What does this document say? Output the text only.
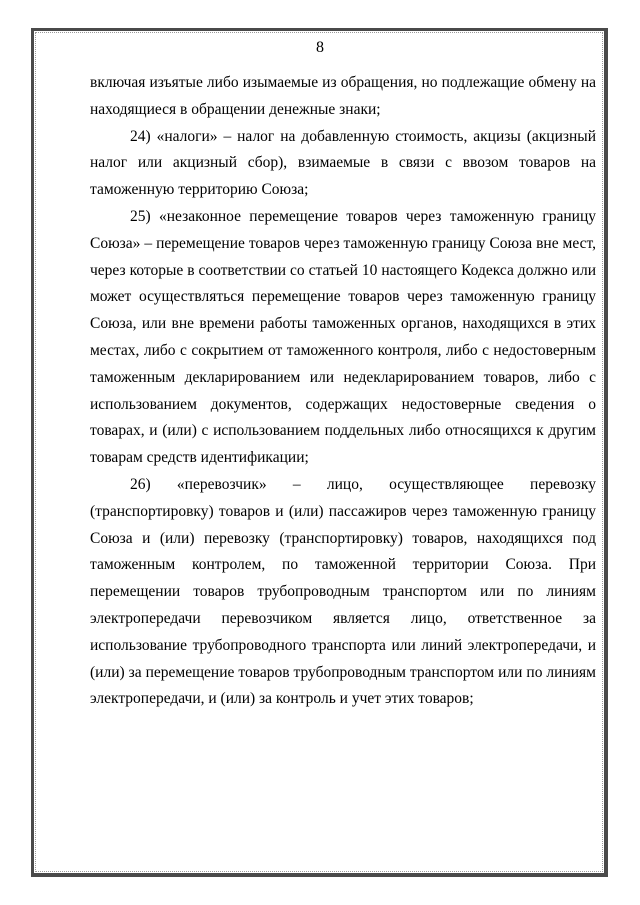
8

включая изъятые либо изымаемые из обращения, но подлежащие обмену на находящиеся в обращении денежные знаки;

24) «налоги» – налог на добавленную стоимость, акцизы (акцизный налог или акцизный сбор), взимаемые в связи с ввозом товаров на таможенную территорию Союза;

25) «незаконное перемещение товаров через таможенную границу Союза» – перемещение товаров через таможенную границу Союза вне мест, через которые в соответствии со статьей 10 настоящего Кодекса должно или может осуществляться перемещение товаров через таможенную границу Союза, или вне времени работы таможенных органов, находящихся в этих местах, либо с сокрытием от таможенного контроля, либо с недостоверным таможенным декларированием или недекларированием товаров, либо с использованием документов, содержащих недостоверные сведения о товарах, и (или) с использованием поддельных либо относящихся к другим товарам средств идентификации;

26) «перевозчик» – лицо, осуществляющее перевозку (транспортировку) товаров и (или) пассажиров через таможенную границу Союза и (или) перевозку (транспортировку) товаров, находящихся под таможенным контролем, по таможенной территории Союза. При перемещении товаров трубопроводным транспортом или по линиям электропередачи перевозчиком является лицо, ответственное за использование трубопроводного транспорта или линий электропередачи, и (или) за перемещение товаров трубопроводным транспортом или по линиям электропередачи, и (или) за контроль и учет этих товаров;
